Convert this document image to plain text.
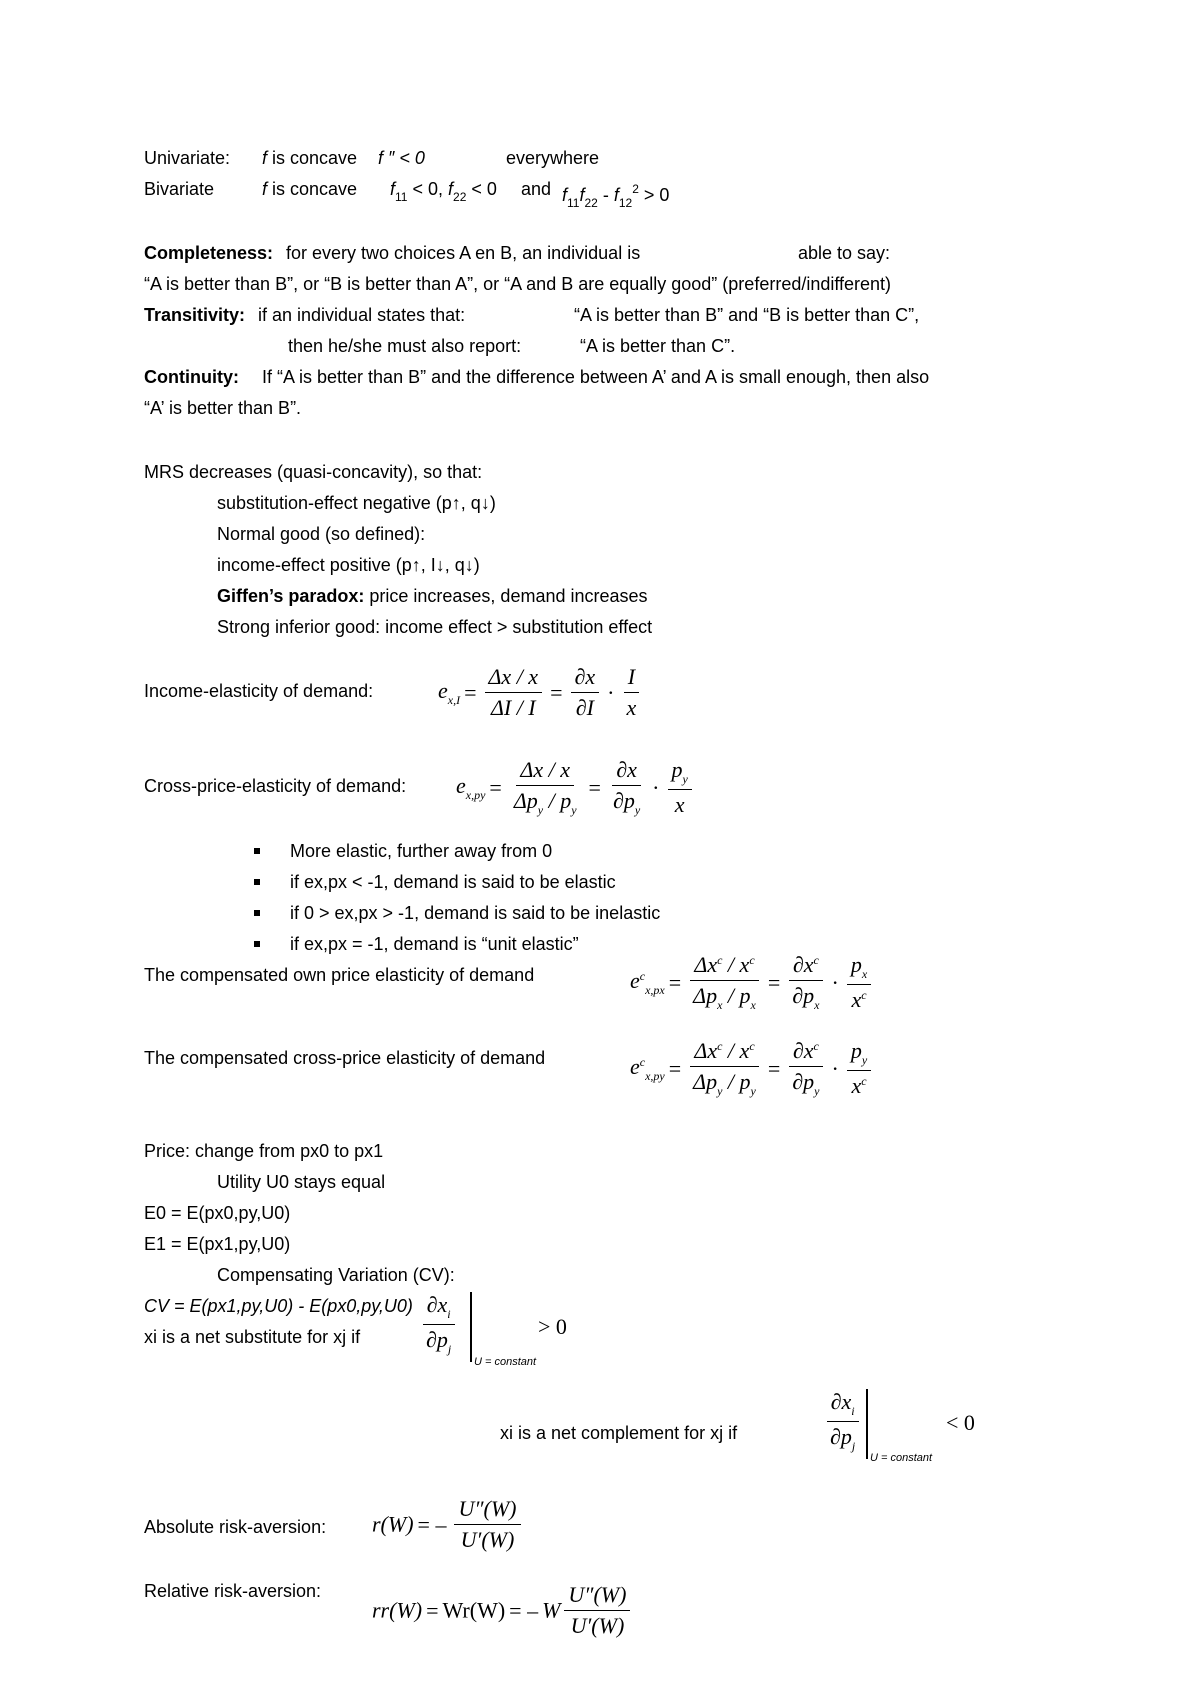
Univariate: f is concave f ″ < 0	everywhere
Bivariate	f is concave $f_{11} < 0$, $f_{22} < 0$ and $f_{11}f_{22} - f_{12}^2 > 0$
Completeness: for every two choices A en B, an individual is	able to say:
“A is better than B”, or “B is better than A”, or “A and B are equally good” (preferred/indifferent)
Transitivity: if an individual states that:	“A is better than B” and “B is better than C”,
then he/she must also report:	“A is better than C”.
Continuity: If “A is better than B” and the difference between A’ and A is small enough, then also
“A’ is better than B”.
MRS decreases (quasi-concavity), so that:
substitution-effect negative (p↑, q↓)
Normal good (so defined):
income-effect positive (p↑, I↓, q↓)
Giffen’s paradox: price increases, demand increases
Strong inferior good: income effect > substitution effect
Income-elasticity of demand:	$e_{x,I} = \frac{\Delta x / x}{\Delta I / I} = \frac{\partial x}{\partial I} \cdot \frac{I}{x}$
Cross-price-elasticity of demand: $e_{x,py} = \frac{\Delta x / x}{\Delta p_y / p_y} = \frac{\partial x}{\partial p_y} \cdot \frac{p_y}{x}$
More elastic, further away from 0
if ex,px < -1, demand is said to be elastic
if 0 > ex,px > -1, demand is said to be inelastic
if ex,px = -1, demand is “unit elastic”
The compensated own price elasticity of demand	$e^c_{x,px} = \frac{\Delta x^c / x^c}{\Delta p_x / p_x} = \frac{\partial x^c}{\partial p_x} \cdot \frac{p_x}{x^c}$
The compensated cross-price elasticity of demand	$e^c_{x,py} = \frac{\Delta x^c / x^c}{\Delta p_y / p_y} = \frac{\partial x^c}{\partial p_y} \cdot \frac{p_y}{x^c}$
Price: change from px0 to px1
Utility U0 stays equal
E0 = E(px0,py,U0)
E1 = E(px1,py,U0)
Compensating Variation (CV):
CV = E(px1,py,U0) - E(px0,py,U0)
xi is a net substitute for xj if	$\frac{\partial x_i}{\partial p_j}$
U = constant
> 0
xi is a net complement for xj if	$\frac{\partial x_i}{\partial p_j}$
U = constant
< 0
Absolute risk-aversion: r(W) = – $\frac{U''(W)}{U'(W)}$
Relative risk-aversion:
rr(W) = Wr(W) = – W $\frac{U''(W)}{U'(W)}$
